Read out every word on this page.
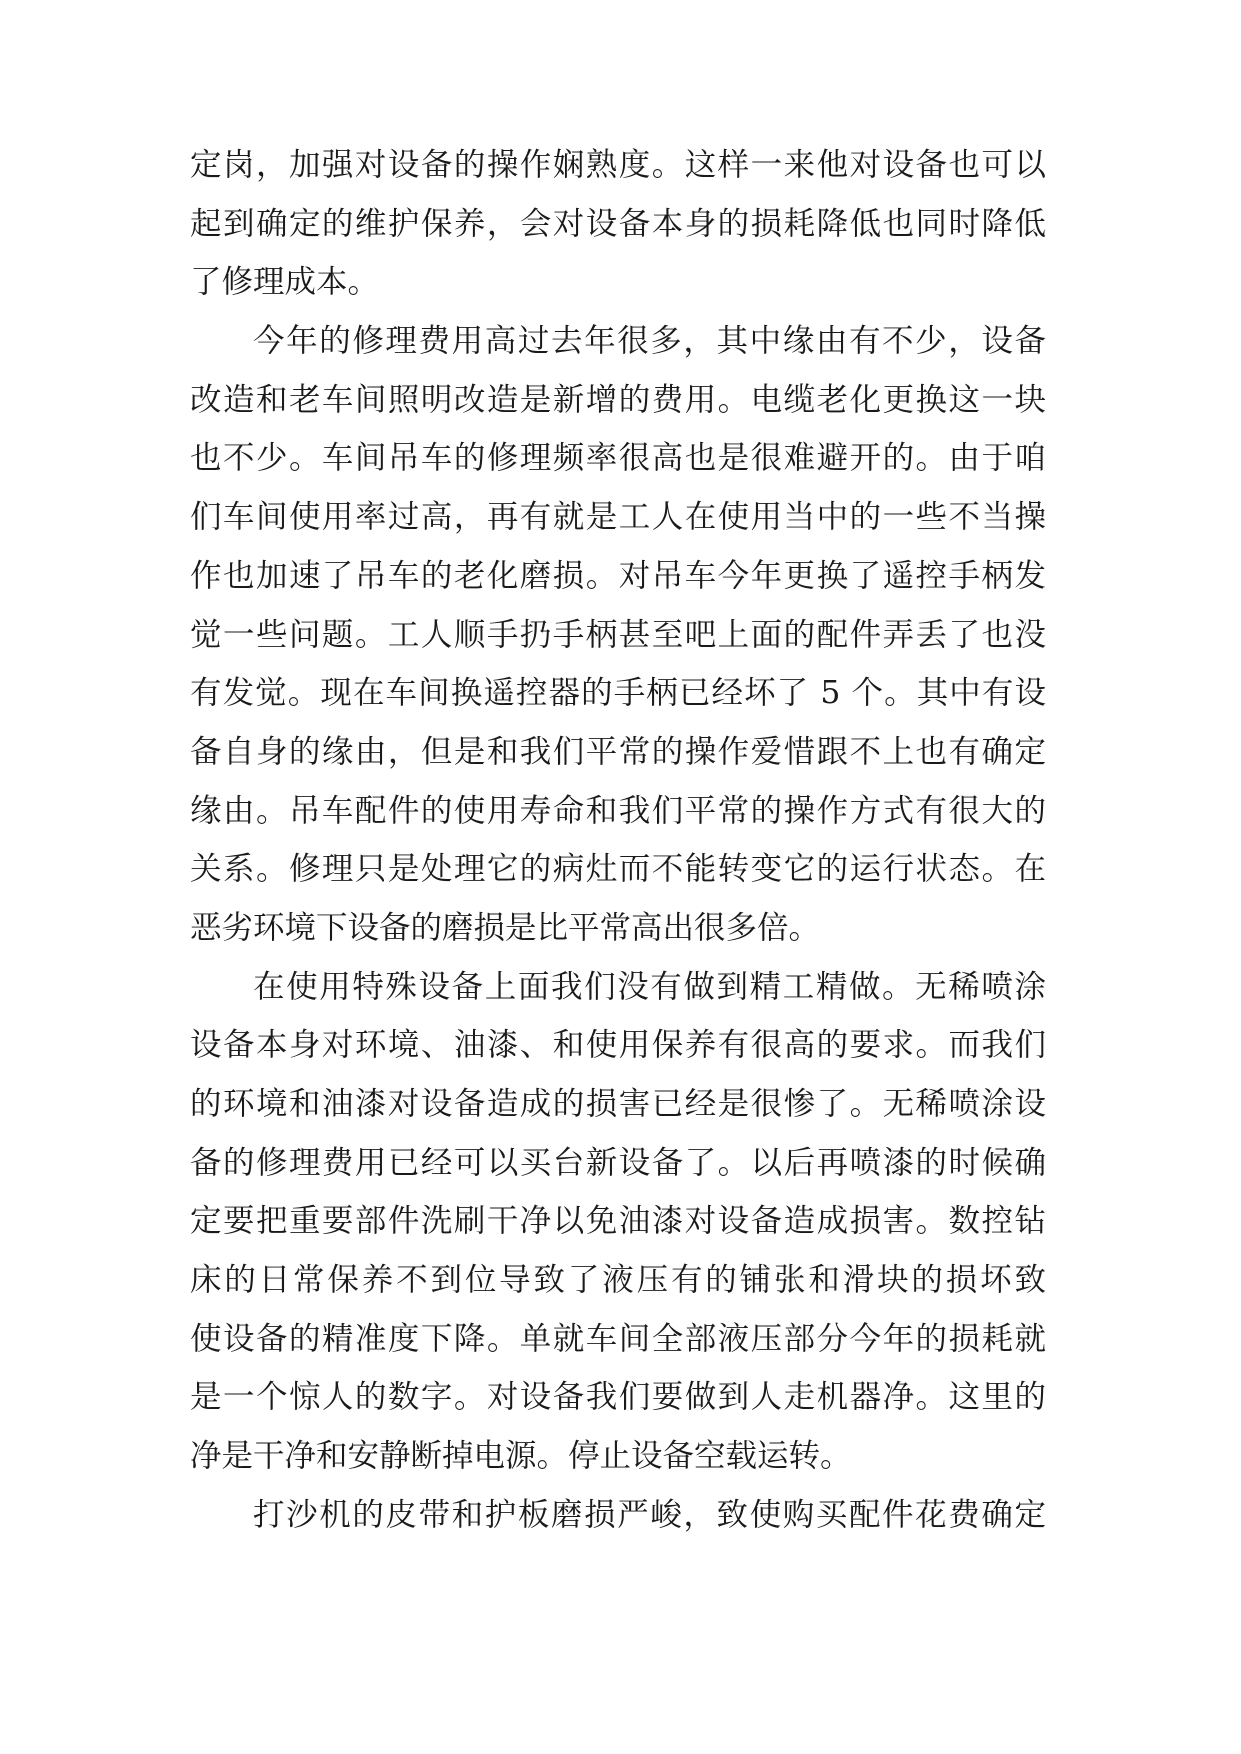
定岗，加强对设备的操作娴熟度。这样一来他对设备也可以
起到确定的维护保养，会对设备本身的损耗降低也同时降低
了修理成本。
今年的修理费用高过去年很多，其中缘由有不少，设备
改造和老车间照明改造是新增的费用。电缆老化更换这一块
也不少。车间吊车的修理频率很高也是很难避开的。由于咱
们车间使用率过高，再有就是工人在使用当中的一些不当操
作也加速了吊车的老化磨损。对吊车今年更换了遥控手柄发
觉一些问题。工人顺手扔手柄甚至吧上面的配件弄丢了也没
有发觉。现在车间换遥控器的手柄已经坏了 5 个。其中有设
备自身的缘由，但是和我们平常的操作爱惜跟不上也有确定
缘由。吊车配件的使用寿命和我们平常的操作方式有很大的
关系。修理只是处理它的病灶而不能转变它的运行状态。在
恶劣环境下设备的磨损是比平常高出很多倍。
在使用特殊设备上面我们没有做到精工精做。无稀喷涂
设备本身对环境、油漆、和使用保养有很高的要求。而我们
的环境和油漆对设备造成的损害已经是很惨了。无稀喷涂设
备的修理费用已经可以买台新设备了。以后再喷漆的时候确
定要把重要部件洗刷干净以免油漆对设备造成损害。数控钻
床的日常保养不到位导致了液压有的铺张和滑块的损坏致
使设备的精准度下降。单就车间全部液压部分今年的损耗就
是一个惊人的数字。对设备我们要做到人走机器净。这里的
净是干净和安静断掉电源。停止设备空载运转。
打沙机的皮带和护板磨损严峻，致使购买配件花费确定
